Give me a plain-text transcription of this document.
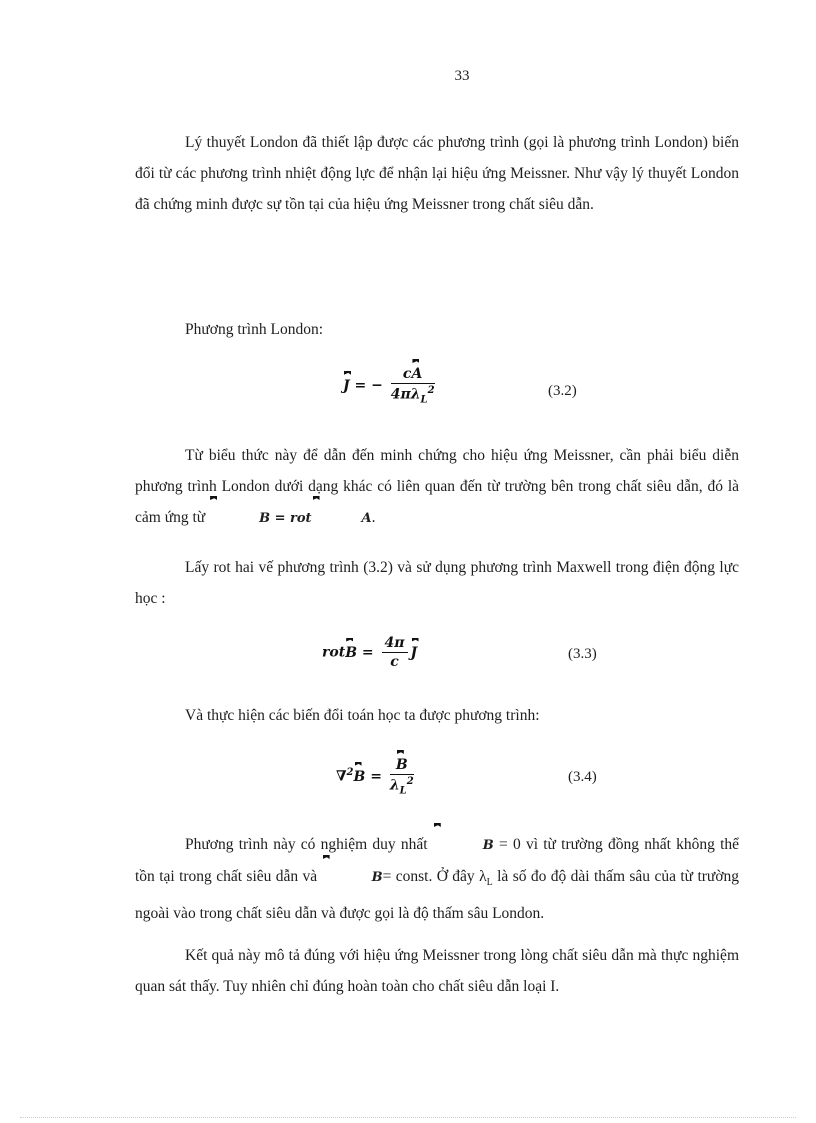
33

Lý thuyết London đã thiết lập được các phương trình (gọi là phương trình London) biến đổi từ các phương trình nhiệt động lực để nhận lại hiệu ứng Meissner. Như vậy lý thuyết London đã chứng minh được sự tồn tại của hiệu ứng Meissner trong chất siêu dẫn.

Phương trình London:

J = − $\frac{cA}{4\pi\lambda_L^2}$	(3.2)

Từ biểu thức này để dẫn đến minh chứng cho hiệu ứng Meissner, cần phải biểu diễn phương trình London dưới dạng khác có liên quan đến từ trường bên trong chất siêu dẫn, đó là cảm ứng từ	B = rot	A.

Lấy rot hai vế phương trình (3.2) và sử dụng phương trình Maxwell trong điện động lực học :

rotB = $\frac{4\pi}{c}$ J	(3.3)

Và thực hiện các biến đổi toán học ta được phương trình:

$\nabla^2B = \frac{B}{\lambda_L^2}$	(3.4)

Phương trình này có nghiệm duy nhất	B = 0 vì từ trường đồng nhất không thể tồn tại trong chất siêu dẫn và	B= const. Ở đây $\lambda_L$ là số đo độ dài thấm sâu của từ trường ngoài vào trong chất siêu dẫn và được gọi là độ thấm sâu London.

Kết quả này mô tả đúng với hiệu ứng Meissner trong lòng chất siêu dẫn mà thực nghiệm quan sát thấy. Tuy nhiên chỉ đúng hoàn toàn cho chất siêu dẫn loại I.
